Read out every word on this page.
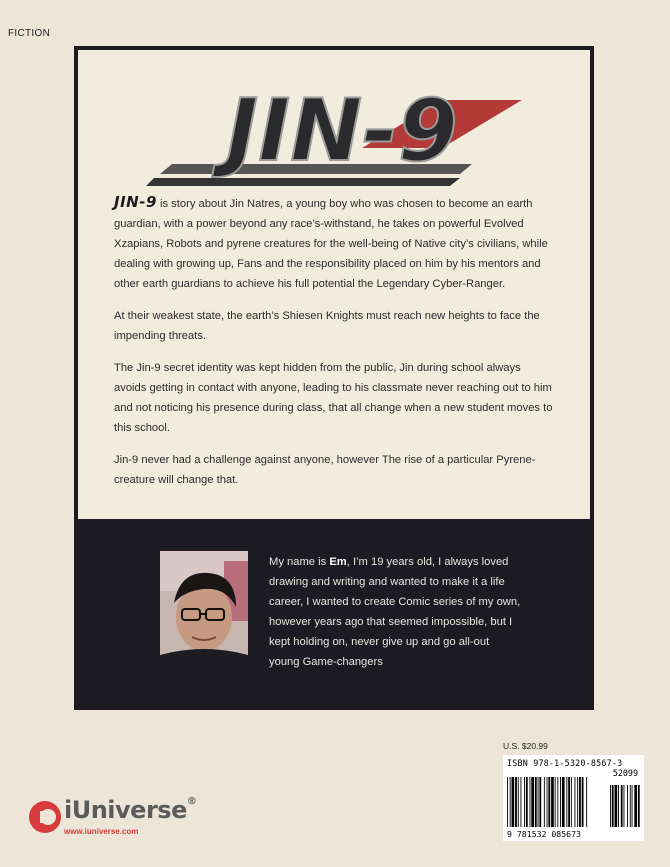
FICTION
JIN-9

JIN-9 is story about Jin Natres, a young boy who was chosen to become an earth guardian, with a power beyond any race’s-withstand, he takes on powerful Evolved Xzapians, Robots and pyrene creatures for the well-being of Native city’s civilians, while dealing with growing up, Fans and the responsibility placed on him by his mentors and other earth guardians to achieve his full potential the Legendary Cyber-Ranger.

At their weakest state, the earth’s Shiesen Knights must reach new heights to face the impending threats.

The Jin-9 secret identity was kept hidden from the public, Jin during school always avoids getting in contact with anyone, leading to his classmate never reaching out to him and not noticing his presence during class, that all change when a new student moves to this school.

Jin-9 never had a challenge against anyone, however The rise of a particular Pyrene-creature will change that.

My name is Em, I’m 19 years old, I always loved drawing and writing and wanted to make it a life career, I wanted to create Comic series of my own, however years ago that seemed impossible, but I kept holding on, never give up and go all-out young Game-changers
U.S. $20.99
ISBN 978-1-5320-8567-3
52099
9 781532 085673
iUniverse®
www.iuniverse.com
